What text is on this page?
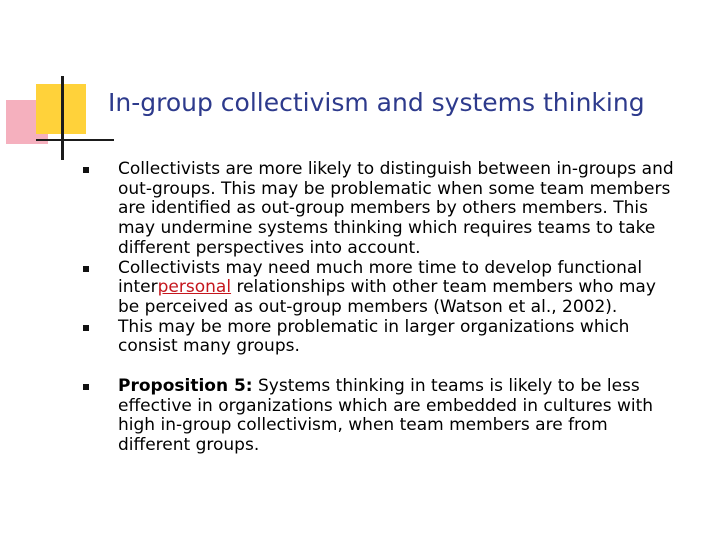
In-group collectivism and systems thinking
Collectivists are more likely to distinguish between in-groups and out-groups. This may be problematic when some team members are identified as out-group members by others members. This may undermine systems thinking which requires teams to take different perspectives into account.
Collectivists may need much more time to develop functional interpersonal relationships with other team members who may be perceived as out-group members (Watson et al., 2002).
This may be more problematic in larger organizations which consist many groups.
Proposition 5: Systems thinking in teams is likely to be less effective in organizations which are embedded in cultures with high in-group collectivism, when team members are from different groups.
